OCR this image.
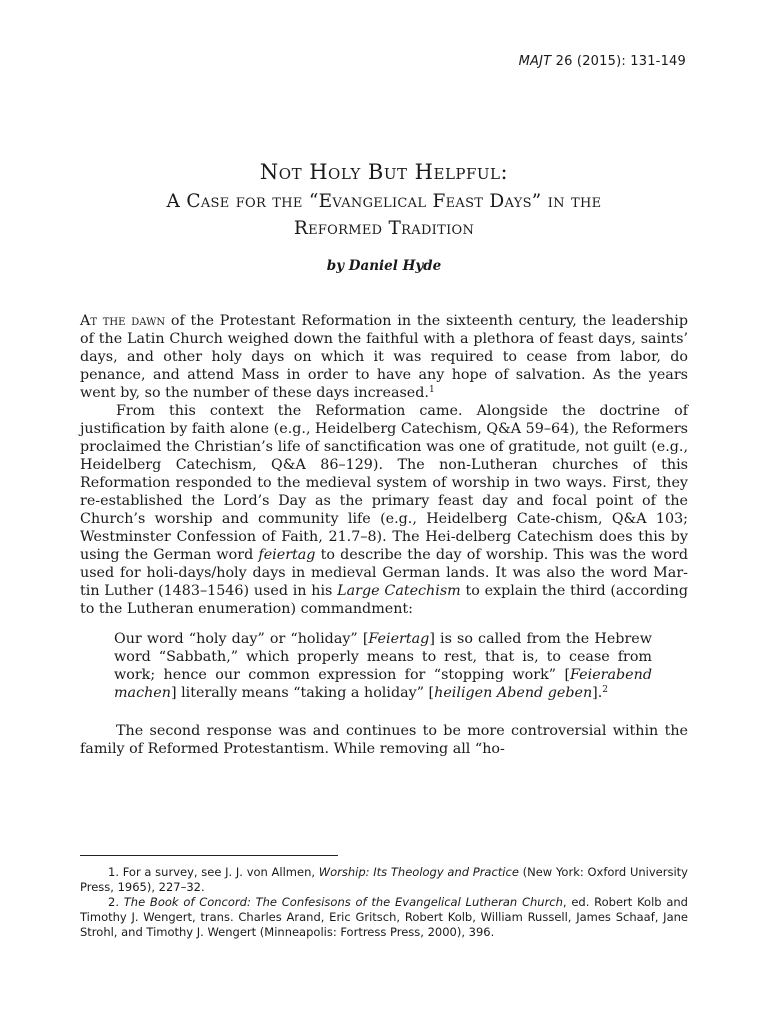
MAJT 26 (2015): 131-149
Not Holy But Helpful:
A Case for the “Evangelical Feast Days” in the
Reformed Tradition
by Daniel Hyde

At the dawn of the Protestant Reformation in the sixteenth century, the leadership of the Latin Church weighed down the faithful with a plethora of feast days, saints’ days, and other holy days on which it was required to cease from labor, do penance, and attend Mass in order to have any hope of salvation. As the years went by, so the number of these days increased.$^1$

From this context the Reformation came. Alongside the doctrine of justification by faith alone (e.g., Heidelberg Catechism, Q&A 59–64), the Reformers proclaimed the Christian’s life of sanctification was one of gratitude, not guilt (e.g., Heidelberg Catechism, Q&A 86–129). The non-Lutheran churches of this Reformation responded to the medieval system of worship in two ways. First, they re-established the Lord’s Day as the primary feast day and focal point of the Church’s worship and community life (e.g., Heidelberg Cate-chism, Q&A 103; Westminster Confession of Faith, 21.7–8). The Hei-delberg Catechism does this by using the German word feiertag to describe the day of worship. This was the word used for holi-days/holy days in medieval German lands. It was also the word Mar-tin Luther (1483–1546) used in his Large Catechism to explain the third (according to the Lutheran enumeration) commandment:

Our word “holy day” or “holiday” [Feiertag] is so called from the Hebrew word “Sabbath,” which properly means to rest, that is, to cease from work; hence our common expression for “stopping work” [Feierabend machen] literally means “taking a holiday” [heiligen Abend geben].$^2$

The second response was and continues to be more controversial within the family of Reformed Protestantism. While removing all “ho-

1. For a survey, see J. J. von Allmen, Worship: Its Theology and Practice (New York: Oxford University Press, 1965), 227–32.

2. The Book of Concord: The Confesisons of the Evangelical Lutheran Church, ed. Robert Kolb and Timothy J. Wengert, trans. Charles Arand, Eric Gritsch, Robert Kolb, William Russell, James Schaaf, Jane Strohl, and Timothy J. Wengert (Minneapolis: Fortress Press, 2000), 396.
